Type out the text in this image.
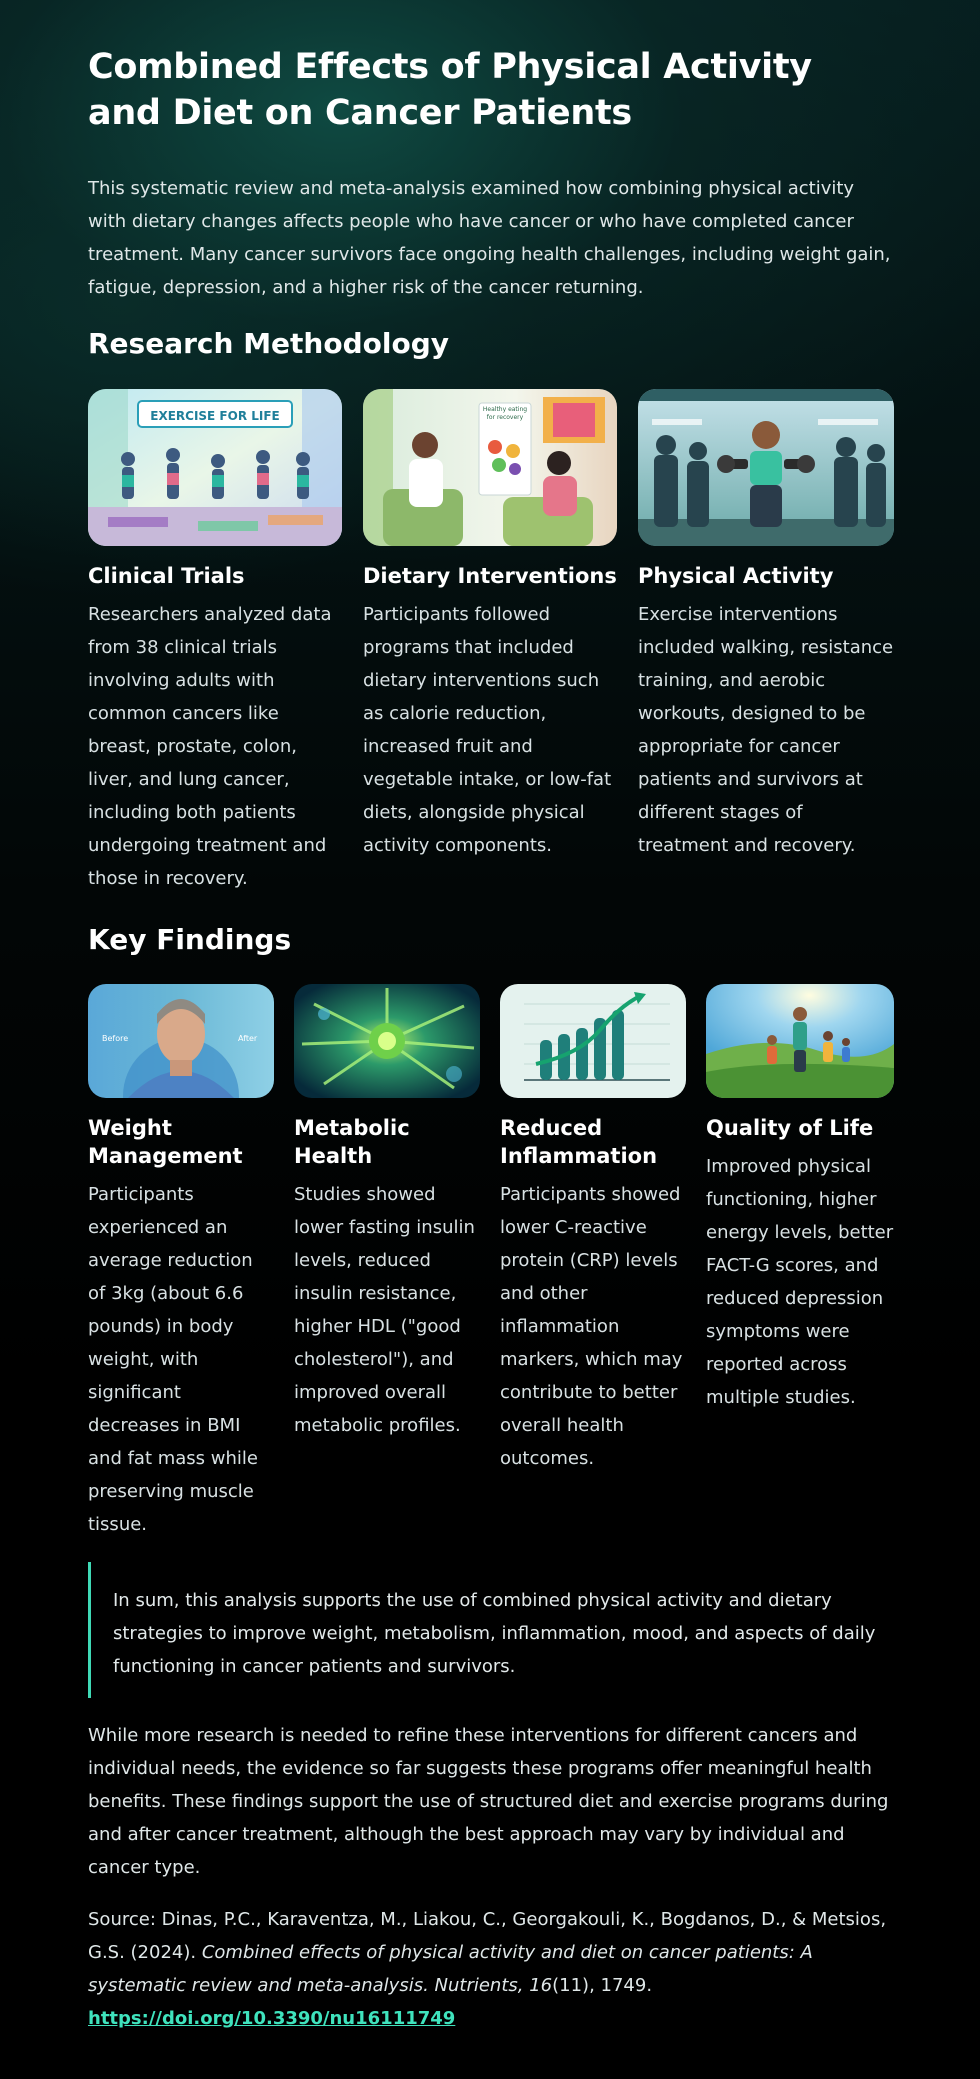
Combined Effects of Physical Activity and Diet on Cancer Patients

This systematic review and meta-analysis examined how combining physical activity with dietary changes affects people who have cancer or who have completed cancer treatment. Many cancer survivors face ongoing health challenges, including weight gain, fatigue, depression, and a higher risk of the cancer returning.

Research Methodology
Clinical Trials

Researchers analyzed data from 38 clinical trials involving adults with common cancers like breast, prostate, colon, liver, and lung cancer, including both patients undergoing treatment and those in recovery.

EXERCISE FOR LIFE
Dietary Interventions

Participants followed programs that included dietary interventions such as calorie reduction, increased fruit and vegetable intake, or low-fat diets, alongside physical activity components.

Healthy eating for recovery
Physical Activity

Exercise interventions included walking, resistance training, and aerobic workouts, designed to be appropriate for cancer patients and survivors at different stages of treatment and recovery.

Key Findings
Weight Management

Participants experienced an average reduction of 3kg (about 6.6 pounds) in body weight, with significant decreases in BMI and fat mass while preserving muscle tissue.

Before	After
Metabolic Health

Studies showed lower fasting insulin levels, reduced insulin resistance, higher HDL ("good cholesterol"), and improved overall metabolic profiles.

Reduced Inflammation

Participants showed lower C-reactive protein (CRP) levels and other inflammation markers, which may contribute to better overall health outcomes.

Quality of Life

Improved physical functioning, higher energy levels, better FACT-G scores, and reduced depression symptoms were reported across multiple studies.

In sum, this analysis supports the use of combined physical activity and dietary strategies to improve weight, metabolism, inflammation, mood, and aspects of daily functioning in cancer patients and survivors.

While more research is needed to refine these interventions for different cancers and individual needs, the evidence so far suggests these programs offer meaningful health benefits. These findings support the use of structured diet and exercise programs during and after cancer treatment, although the best approach may vary by individual and cancer type.

Source: Dinas, P.C., Karaventza, M., Liakou, C., Georgakouli, K., Bogdanos, D., & Metsios, G.S. (2024). Combined effects of physical activity and diet on cancer patients: A systematic review and meta-analysis. Nutrients, 16(11), 1749.
https://doi.org/10.3390/nu16111749
